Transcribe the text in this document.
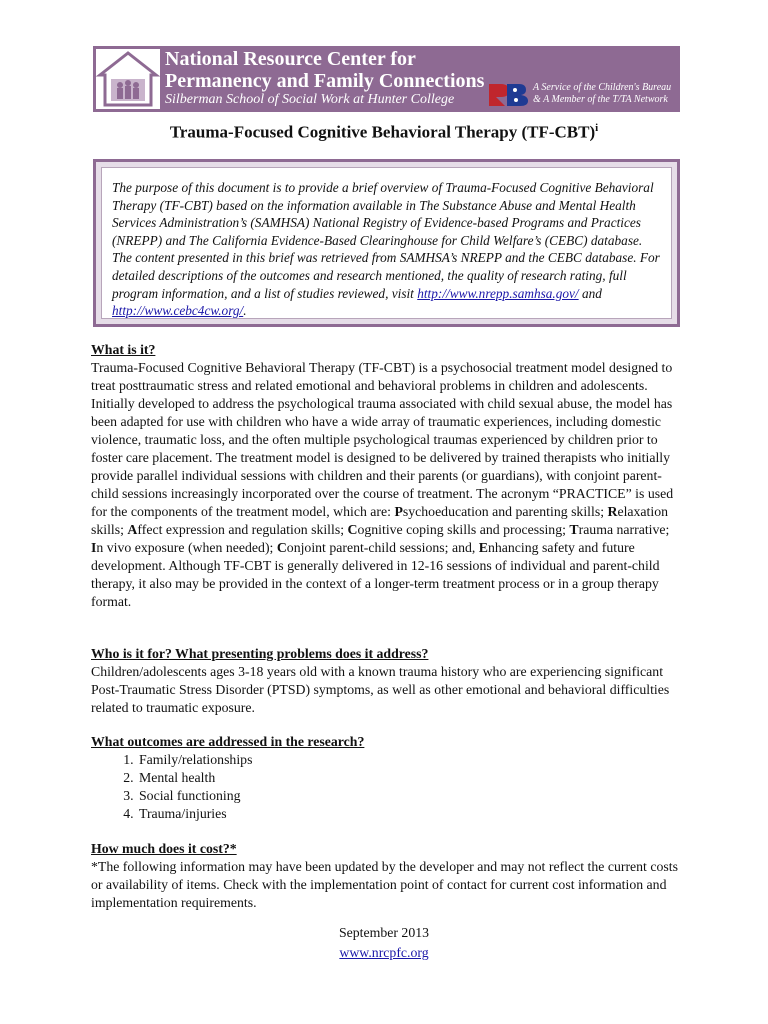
National Resource Center for
Permanency and Family Connections
Silberman School of Social Work at Hunter College
A Service of the Children's Bureau
& A Member of the T/TA Network
Trauma-Focused Cognitive Behavioral Therapy $(TF-CBT)^i$
The purpose of this document is to provide a brief overview of Trauma-Focused Cognitive Behavioral Therapy (TF-CBT) based on the information available in The Substance Abuse and Mental Health Services Administration’s (SAMHSA) National Registry of Evidence-based Programs and Practices (NREPP) and The California Evidence-Based Clearinghouse for Child Welfare’s (CEBC) database. The content presented in this brief was retrieved from SAMHSA’s NREPP and the CEBC database. For detailed descriptions of the outcomes and research mentioned, the quality of research rating, full program information, and a list of studies reviewed, visit http://www.nrepp.samhsa.gov/ and http://www.cebc4cw.org/.
What is it?
Trauma-Focused Cognitive Behavioral Therapy (TF-CBT) is a psychosocial treatment model designed to treat posttraumatic stress and related emotional and behavioral problems in children and adolescents. Initially developed to address the psychological trauma associated with child sexual abuse, the model has been adapted for use with children who have a wide array of traumatic experiences, including domestic violence, traumatic loss, and the often multiple psychological traumas experienced by children prior to foster care placement. The treatment model is designed to be delivered by trained therapists who initially provide parallel individual sessions with children and their parents (or guardians), with conjoint parent-child sessions increasingly incorporated over the course of treatment. The acronym “PRACTICE” is used for the components of the treatment model, which are: Psychoeducation and parenting skills; Relaxation skills; Affect expression and regulation skills; Cognitive coping skills and processing; Trauma narrative; In vivo exposure (when needed); Conjoint parent-child sessions; and, Enhancing safety and future development. Although TF-CBT is generally delivered in 12-16 sessions of individual and parent-child therapy, it also may be provided in the context of a longer-term treatment process or in a group therapy format.
Who is it for? What presenting problems does it address?
Children/adolescents ages 3-18 years old with a known trauma history who are experiencing significant Post-Traumatic Stress Disorder (PTSD) symptoms, as well as other emotional and behavioral difficulties related to traumatic exposure.
What outcomes are addressed in the research?
1. Family/relationships
2. Mental health
3. Social functioning
4. Trauma/injuries
How much does it cost?*
*The following information may have been updated by the developer and may not reflect the current costs or availability of items. Check with the implementation point of contact for current cost information and implementation requirements.
September 2013
www.nrcpfc.org
